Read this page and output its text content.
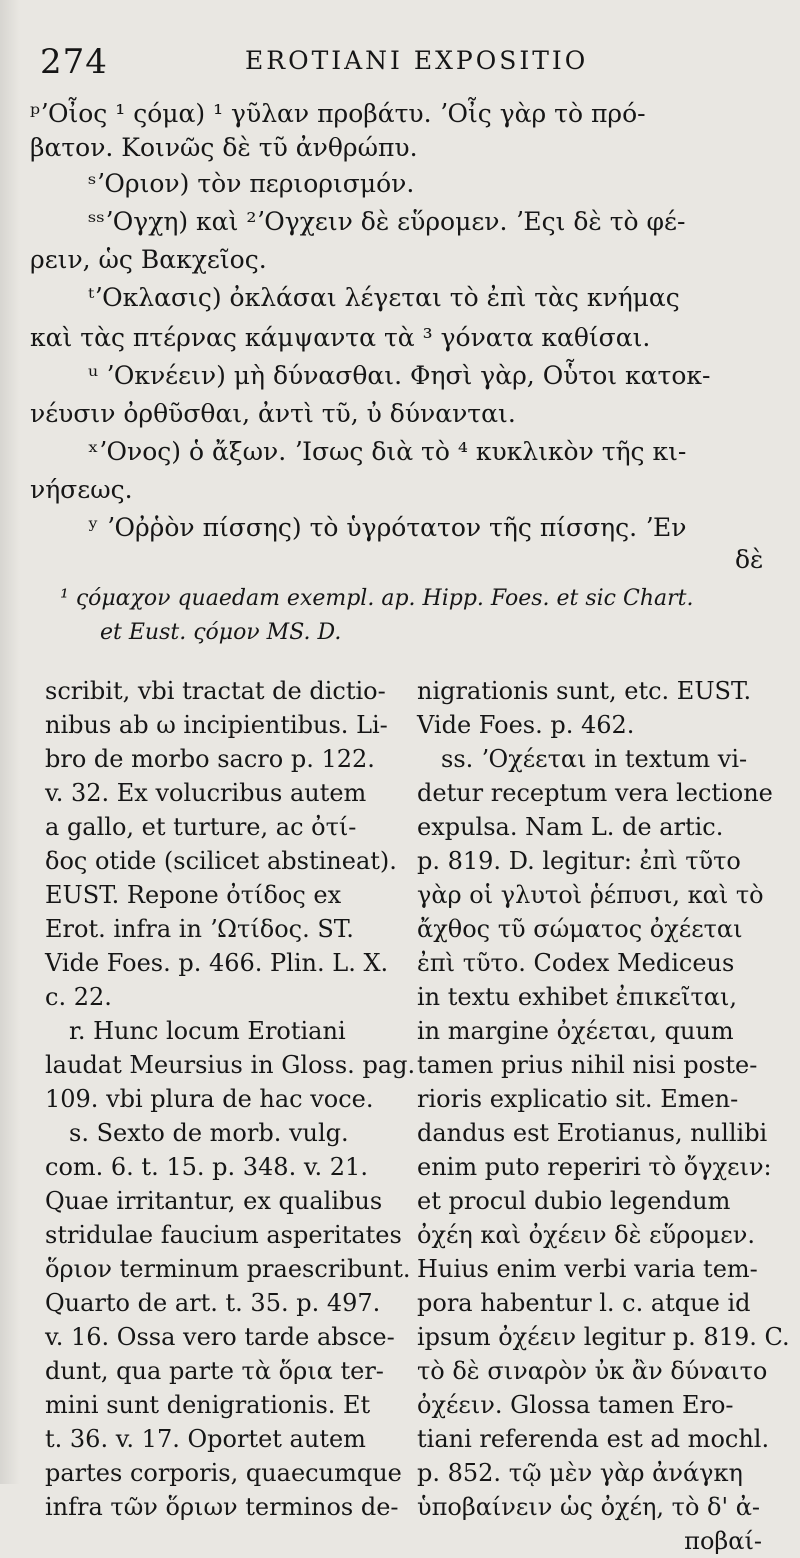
274	EROTIANI EXPOSITIO
ᵖʼΟἶος ¹ ςόμα) ¹ γῦλαν προβάτυ. ʼΟἶς γὰρ τὸ πρό-
βατον. Κοινῶς δὲ τῦ ἀνθρώπυ.
ˢʼΟριον) τὸν περιορισμόν.
ˢˢʼΟγχη) καὶ ²ʼΟγχειν δὲ εὕρομεν. ʼΕςι δὲ τὸ φέ-
ρειν, ὡς Βακχεῖος.
ᵗʼΟκλασις) ὀκλάσαι λέγεται τὸ ἐπὶ τὰς κνήμας
καὶ τὰς πτέρνας κάμψαντα τὰ ³ γόνατα καθίσαι.
ᵘ ʼΟκνέειν) μὴ δύνασθαι. Φησὶ γὰρ, Οὗτοι κατοκ-
νέυσιν ὀρθῦσθαι, ἀντὶ τῦ, ὐ δύνανται.
ˣʼΟνος) ὁ ἄξων. ʼΙσως διὰ τὸ ⁴ κυκλικὸν τῆς κι-
νήσεως.
ʸ ʼΟῤῥὸν πίσσης) τὸ ὑγρότατον τῆς πίσσης. ʼΕν
δὲ
¹ ςόμαχον quaedam exempl. ap. Hipp. Foes. et sic Chart.
et Eust. ςόμον MS. D.
scribit, vbi tractat de dictio-
nibus ab ω incipientibus. Li-
bro de morbo sacro p. 122.
v. 32. Ex volucribus autem
a gallo, et turture, ac ὀτί-
δος otide (scilicet abstineat).
EUST. Repone ὀτίδος ex
Erot. infra in ʼΩτίδος. ST.
Vide Foes. p. 466. Plin. L. X.
c. 22.
r. Hunc locum Erotiani
laudat Meursius in Gloss. pag.
109. vbi plura de hac voce.
s. Sexto de morb. vulg.
com. 6. t. 15. p. 348. v. 21.
Quae irritantur, ex qualibus
stridulae faucium asperitates
ὅριον terminum praescribunt.
Quarto de art. t. 35. p. 497.
v. 16. Ossa vero tarde absce-
dunt, qua parte τὰ ὅρια ter-
mini sunt denigrationis. Et
t. 36. v. 17. Oportet autem
partes corporis, quaecumque
infra τῶν ὅριων terminos de-
nigrationis sunt, etc. EUST.
Vide Foes. p. 462.
ss. ʼΟχέεται in textum vi-
detur receptum vera lectione
expulsa. Nam L. de artic.
p. 819. D. legitur: ἐπὶ τῦτο
γὰρ οἱ γλυτοὶ ῥέπυσι, καὶ τὸ
ἄχθος τῦ σώματος ὀχέεται
ἐπὶ τῦτο. Codex Mediceus
in textu exhibet ἐπικεῖται,
in margine ὀχέεται, quum
tamen prius nihil nisi poste-
rioris explicatio sit. Emen-
dandus est Erotianus, nullibi
enim puto reperiri τὸ ὄγχειν:
et procul dubio legendum
ὀχέη καὶ ὀχέειν δὲ εὕρομεν.
Huius enim verbi varia tem-
pora habentur l. c. atque id
ipsum ὀχέειν legitur p. 819. C.
τὸ δὲ σιναρὸν ὐκ ἂν δύναιτο
ὀχέειν. Glossa tamen Ero-
tiani referenda est ad mochl.
p. 852. τῷ μὲν γὰρ ἀνάγκη
ὑποβαίνειν ὡς ὀχέη, τὸ δ' ἀ-
ποβαί-
